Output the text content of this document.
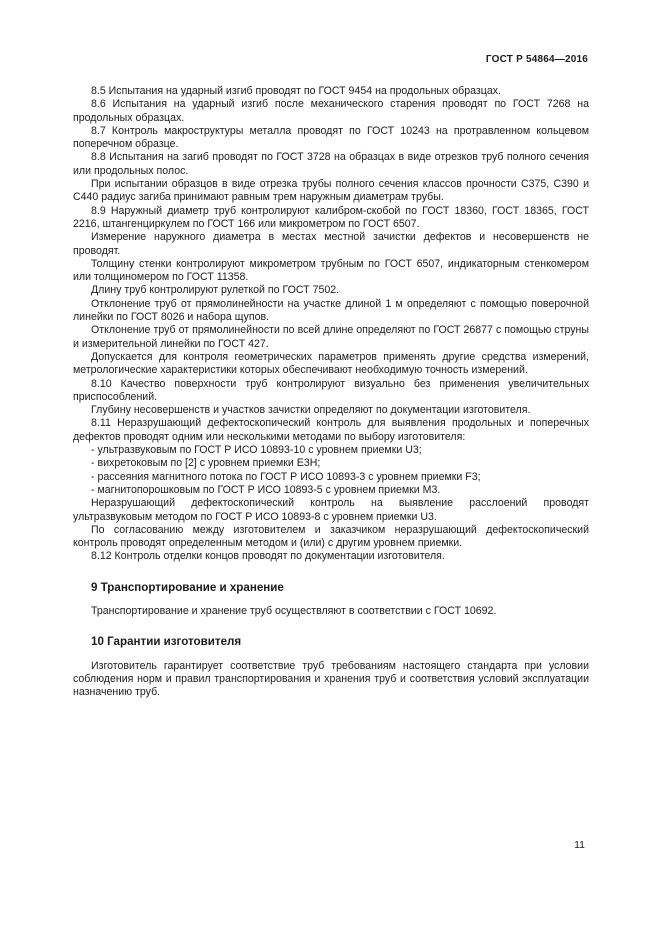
ГОСТ Р 54864—2016

8.5 Испытания на ударный изгиб проводят по ГОСТ 9454 на продольных образцах.

8.6 Испытания на ударный изгиб после механического старения проводят по ГОСТ 7268 на продольных образцах.

8.7 Контроль макроструктуры металла проводят по ГОСТ 10243 на протравленном кольцевом поперечном образце.

8.8 Испытания на загиб проводят по ГОСТ 3728 на образцах в виде отрезков труб полного сечения или продольных полос.

При испытании образцов в виде отрезка трубы полного сечения классов прочности С375, С390 и С440 радиус загиба принимают равным трем наружным диаметрам трубы.

8.9 Наружный диаметр труб контролируют калибром-скобой по ГОСТ 18360, ГОСТ 18365, ГОСТ 2216, штангенциркулем по ГОСТ 166 или микрометром по ГОСТ 6507.

Измерение наружного диаметра в местах местной зачистки дефектов и несовершенств не проводят.

Толщину стенки контролируют микрометром трубным по ГОСТ 6507, индикаторным стенкомером или толщиномером по ГОСТ 11358.

Длину труб контролируют рулеткой по ГОСТ 7502.

Отклонение труб от прямолинейности на участке длиной 1 м определяют с помощью поверочной линейки по ГОСТ 8026 и набора щупов.

Отклонение труб от прямолинейности по всей длине определяют по ГОСТ 26877 с помощью струны и измерительной линейки по ГОСТ 427.

Допускается для контроля геометрических параметров применять другие средства измерений, метрологические характеристики которых обеспечивают необходимую точность измерений.

8.10 Качество поверхности труб контролируют визуально без применения увеличительных приспособлений.

Глубину несовершенств и участков зачистки определяют по документации изготовителя.

8.11 Неразрушающий дефектоскопический контроль для выявления продольных и поперечных дефектов проводят одним или несколькими методами по выбору изготовителя:

- ультразвуковым по ГОСТ Р ИСО 10893-10 с уровнем приемки U3;

- вихретоковым по [2] с уровнем приемки Е3Н;

- рассеяния магнитного потока по ГОСТ Р ИСО 10893-3 с уровнем приемки F3;

- магнитопорошковым по ГОСТ Р ИСО 10893-5 с уровнем приемки М3.

Неразрушающий дефектоскопический контроль на выявление расслоений проводят ультразвуковым методом по ГОСТ Р ИСО 10893-8 с уровнем приемки U3.

По согласованию между изготовителем и заказчиком неразрушающий дефектоскопический контроль проводят определенным методом и (или) с другим уровнем приемки.

8.12 Контроль отделки концов проводят по документации изготовителя.

9 Транспортирование и хранение

Транспортирование и хранение труб осуществляют в соответствии с ГОСТ 10692.

10 Гарантии изготовителя

Изготовитель гарантирует соответствие труб требованиям настоящего стандарта при условии соблюдения норм и правил транспортирования и хранения труб и соответствия условий эксплуатации назначению труб.

11
